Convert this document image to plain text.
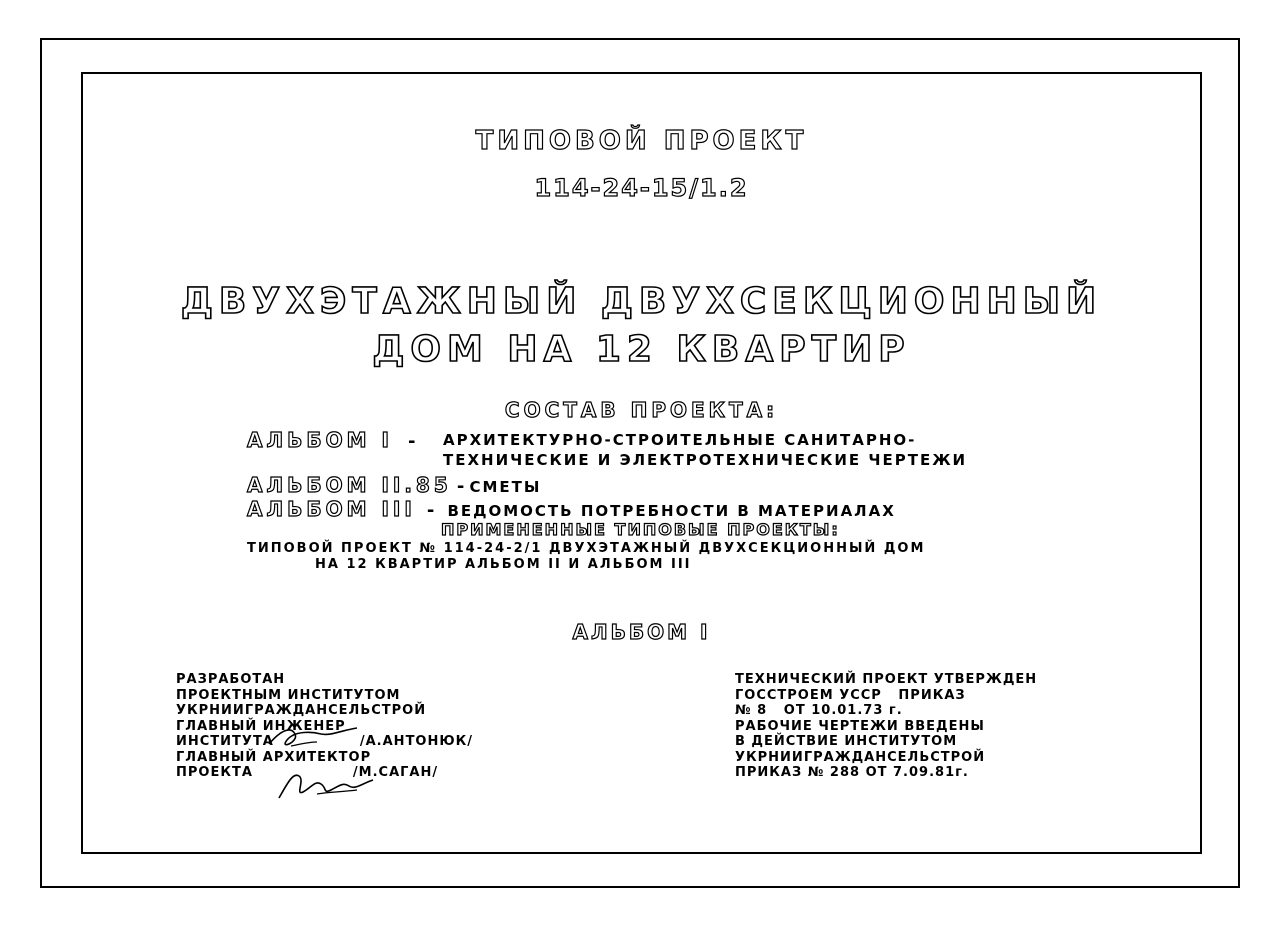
ТИПОВОЙ ПРОЕКТ
114-24-15/1.2
ДВУХЭТАЖНЫЙ ДВУХСЕКЦИОННЫЙ
ДОМ НА 12 КВАРТИР
СОСТАВ ПРОЕКТА:
АЛЬБОМ I - АРХИТЕКТУРНО-СТРОИТЕЛЬНЫЕ САНИТАРНО-
ТЕХНИЧЕСКИЕ И ЭЛЕКТРОТЕХНИЧЕСКИЕ ЧЕРТЕЖИ
АЛЬБОМ II.85 - СМЕТЫ
АЛЬБОМ III - ВЕДОМОСТЬ ПОТРЕБНОСТИ В МАТЕРИАЛАХ
ПРИМЕНЕННЫЕ ТИПОВЫЕ ПРОЕКТЫ:
ТИПОВОЙ ПРОЕКТ № 114-24-2/1 ДВУХЭТАЖНЫЙ ДВУХСЕКЦИОННЫЙ ДОМ
НА 12 КВАРТИР АЛЬБОМ II И АЛЬБОМ III
АЛЬБОМ I
РАЗРАБОТАН
ПРОЕКТНЫМ ИНСТИТУТОМ
УКРНИИГРАЖДАНСЕЛЬСТРОЙ
ГЛАВНЫЙ ИНЖЕНЕР
ИНСТИТУТА	/А.АНТОНЮК/
ГЛАВНЫЙ АРХИТЕКТОР
ПРОЕКТА	/М.САГАН/
ТЕХНИЧЕСКИЙ ПРОЕКТ УТВЕРЖДЕН
ГОССТРОЕМ УССР   ПРИКАЗ
№ 8   ОТ 10.01.73 г.
РАБОЧИЕ ЧЕРТЕЖИ ВВЕДЕНЫ
В ДЕЙСТВИЕ ИНСТИТУТОМ
УКРНИИГРАЖДАНСЕЛЬСТРОЙ
ПРИКАЗ № 288 ОТ 7.09.81г.
